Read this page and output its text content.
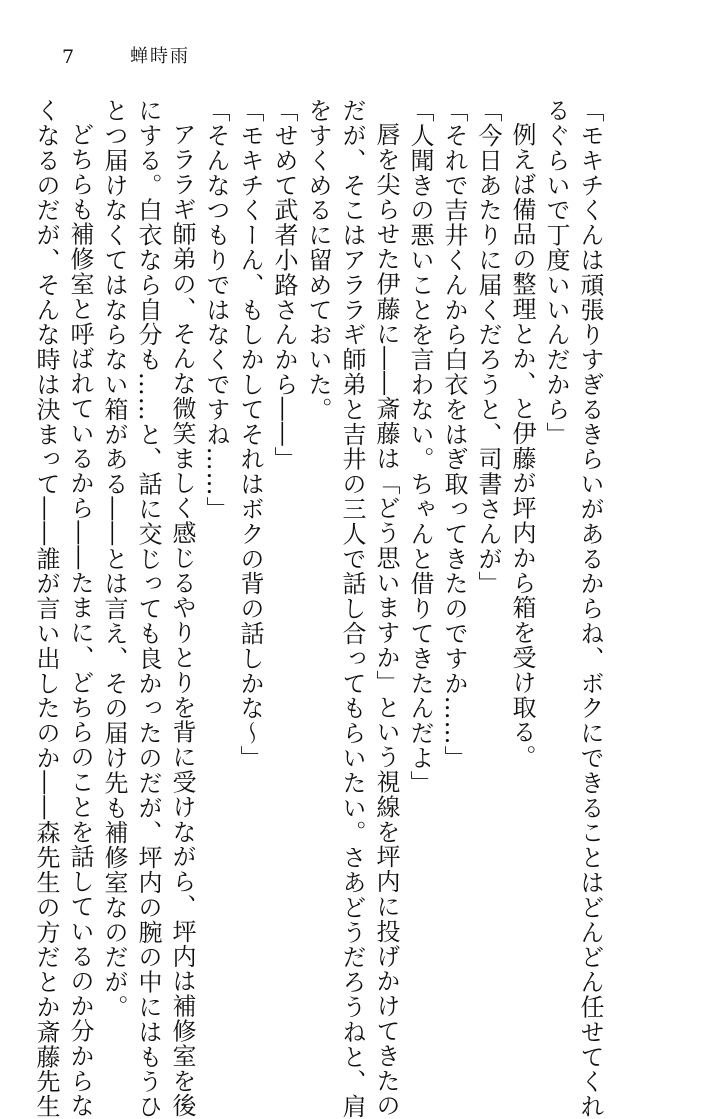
7	蝉時雨

「モキチくんは頑張りすぎるきらいがあるからね、ボクにできることはどんどん任せてくれ

るぐらいで丁度いいんだから」

例えば備品の整理とか、と伊藤が坪内から箱を受け取る。

「今日あたりに届くだろうと、司書さんが」

「それで吉井くんから白衣をはぎ取ってきたのですか……」

「人聞きの悪いことを言わない。ちゃんと借りてきたんだよ」

唇を尖らせた伊藤に――斎藤は「どう思いますか」という視線を坪内に投げかけてきたの

だが、そこはアララギ師弟と吉井の三人で話し合ってもらいたい。さあどうだろうねと、肩

をすくめるに留めておいた。

「せめて武者小路さんから――」

「モキチくーん、もしかしてそれはボクの背の話しかな〜」

「そんなつもりではなくですね……」

アララギ師弟の、そんな微笑ましく感じるやりとりを背に受けながら、坪内は補修室を後

にする。白衣なら自分も……と、話に交じっても良かったのだが、坪内の腕の中にはもうひ

とつ届けなくてはならない箱がある――とは言え、その届け先も補修室なのだが。

どちらも補修室と呼ばれているから――たまに、どちらのことを話しているのか分からな

くなるのだが、そんな時は決まって――誰が言い出したのか――森先生の方だとか斎藤先生
